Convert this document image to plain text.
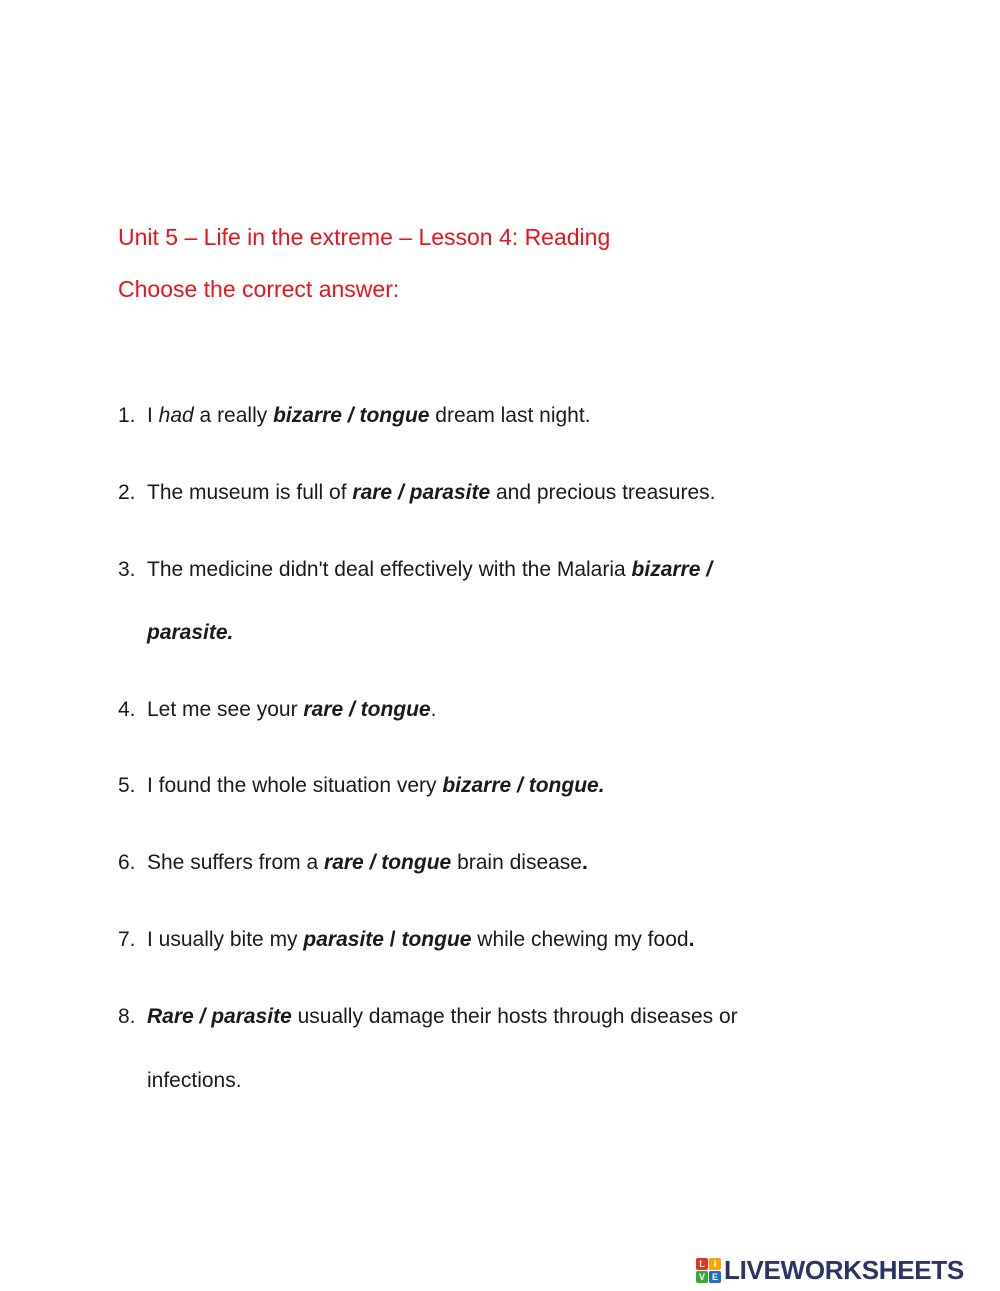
Unit 5 – Life in the extreme – Lesson 4: Reading
Choose the correct answer:
1. I had a really bizarre / tongue dream last night.
2. The museum is full of rare / parasite and precious treasures.
3. The medicine didn't deal effectively with the Malaria bizarre /
parasite.
4. Let me see your rare / tongue.
5. I found the whole situation very bizarre / tongue.
6. She suffers from a rare / tongue brain disease.
7. I usually bite my parasite / tongue while chewing my food.
8. Rare / parasite usually damage their hosts through diseases or
infections.
L I
V E LIVEWORKSHEETS
